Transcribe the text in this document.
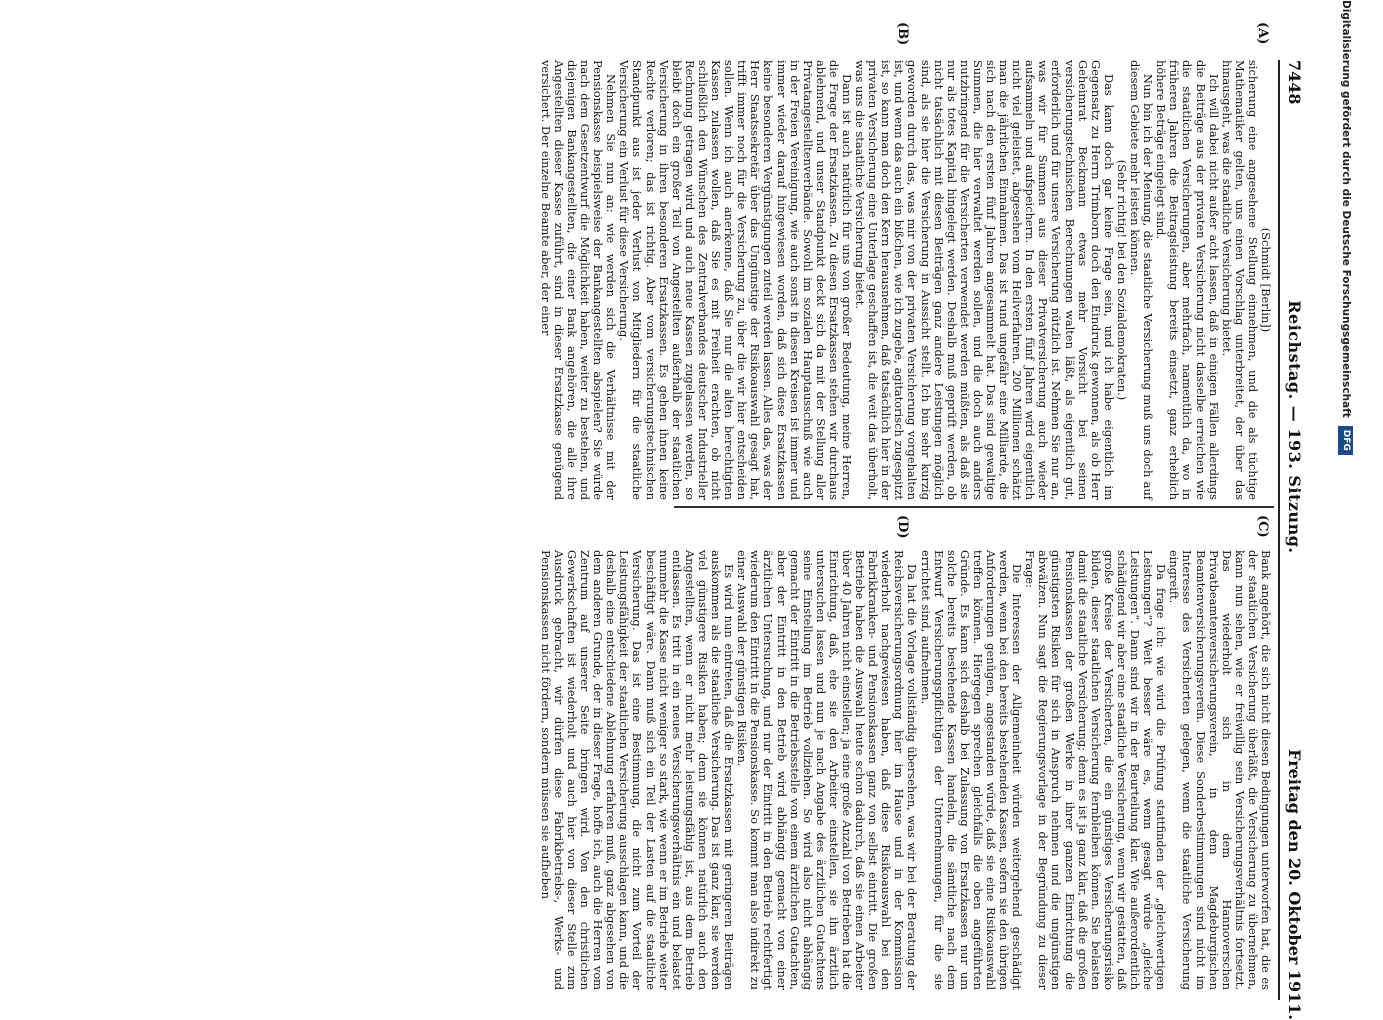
7448
Reichstag. — 193. Sitzung.
Freitag den 20. Oktober 1911.
(A)
(B)

(Schmidt [Berlin])

sicherung eine angesehene Stellung einnehmen, und die als tüchtige Mathematiker gelten, uns einen Vorschlag unterbreitet, der über das hinausgeht, was die staatliche Versicherung bietet.

Ich will dabei nicht außer acht lassen, daß in einigen Fällen allerdings die Beiträge aus der privaten Versicherung nicht dasselbe erreichen wie die staatlichen Versicherungen, aber mehrfach, namentlich da, wo in früheren Jahren die Beitragsleistung bereits einsetzt, ganz erheblich höhere Beträge eingelegt sind.

Nun bin ich der Meinung, die staatliche Versicherung muß uns doch auf diesem Gebiete mehr leisten können.

(Sehr richtig! bei den Sozialdemokraten.)

Das kann doch gar keine Frage sein, und ich habe eigentlich im Gegensatz zu Herrn Trimborn doch den Eindruck gewonnen, als ob Herr Geheimrat Beckmann etwas mehr Vorsicht bei seinen versicherungstechnischen Berechnungen walten läßt, als eigentlich gut, erforderlich und für unsere Versicherung nützlich ist. Nehmen Sie nur an, was wir für Summen aus dieser Privatversicherung auch wieder aufsammeln und aufspeichern. In den ersten fünf Jahren wird eigentlich nicht viel geleistet, abgesehen vom Heilverfahren. 200 Millionen schätzt man die jährlichen Einnahmen. Das ist rund ungefähr eine Milliarde, die sich nach den ersten fünf Jahren angesammelt hat. Das sind gewaltige Summen, die hier verwaltet werden sollen, und die doch auch anders nutzbringend für die Versicherten verwendet werden müßten, als daß sie nur als totes Kapital hingelegt werden. Deshalb muß geprüft werden, ob nicht tatsächlich mit diesen Beiträgen ganz andere Leistungen möglich sind, als sie hier die Versicherung in Aussicht stellt. Ich bin sehr kurzig geworden durch das, was mir von der privaten Versicherung vorgehalten ist, und wenn das auch ein bißchen, wie ich zugebe, agitatorisch zugespitzt ist, so kann man doch den Kern herausnehmen, daß tatsächlich hier in der privaten Versicherung eine Unterlage geschaffen ist, die weit das überholt, was uns die staatliche Versicherung bietet.

Dann ist auch natürlich für uns von großer Bedeutung, meine Herren, die Frage der Ersatzkassen. Zu diesen Ersatzkassen stehen wir durchaus ablehnend, und unser Standpunkt deckt sich da mit der Stellung aller Privatangestelltenverbände. Sowohl im sozialen Hauptausschuß wie auch in der Freien Vereinigung, wie auch sonst in diesen Kreisen ist immer und immer wieder darauf hingewiesen worden, daß sich diese Ersatzkassen keine besonderen Vergünstigungen zuteil werden lassen. Alles das, was der Herr Staatssekretär über das Ungünstige der Risikoauswahl gesagt hat, trifft immer noch für die Versicherung zu, über die wir hier entscheiden sollen. Wenn ich auch anerkenne, daß Sie nur die alten berechtigten Kassen zulassen wollen, daß Sie es mit Freiheit erachten, ob nicht schließlich den Wünschen des Zentralverbandes deutscher Industrieller Rechnung getragen wird und auch neue Kassen zugelassen werden, so bleibt doch ein großer Teil von Angestellten außerhalb der staatlichen Versicherung in ihren besonderen Ersatzkassen. Es gehen ihnen keine Rechte verloren; das ist richtig. Aber vom versicherungstechnischen Standpunkt aus ist jeder Verlust von Mitgliedern für die staatliche Versicherung ein Verlust für diese Versicherung.

Nehmen Sie nun an: wie werden sich die Verhältnisse mit der Pensionskasse beispielsweise der Bankangestellten abspielen? Sie würde nach dem Gesetzentwurf die Möglichkeit haben, weiter zu bestehen, und diejenigen Bankangestellten, die einer Bank angehören, die alle ihre Angestellten dieser Kasse zuführt, sind in dieser Ersatzkasse genügend versichert. Der einzelne Beamte aber, der einer

Bank angehört, die sich nicht diesen Bedingungen unterworfen hat, die es der staatlichen Versicherung überläßt, die Versicherung zu übernehmen, kann nun sehen, wie er freiwillig sein Versicherungsverhältnis fortsetzt. Das wiederholt sich in dem Hannoverschen Privatbeamtenversicherungsverein, in dem Magdeburgischen Beamtenversicherungsverein. Diese Sonderbestimmungen sind nicht im Interesse des Versicherten gelegen, wenn die staatliche Versicherung eingreift.

Da frage ich: wie wird die Prüfung stattfinden der „gleichwertigen Leistungen“? Weit besser wäre es, wenn gesagt würde „gleiche Leistungen“. Dann sind wir in der Beurteilung klar. Wie außerordentlich schädigend wir aber eine staatliche Versicherung, wenn wir gestatten, daß große Kreise der Versicherten, die ein günstiges Versicherungsrisiko bilden, dieser staatlichen Versicherung fernbleiben können. Sie belasten damit die staatliche Versicherung; denn es ist ja ganz klar, daß die großen Pensionskassen der großen Werke in ihrer ganzen Einrichtung die günstigsten Risiken für sich in Anspruch nehmen und die ungünstigen abwälzen. Nun sagt die Regierungsvorlage in der Begründung zu dieser Frage:

Die Interessen der Allgemeinheit würden weitergehend geschädigt werden, wenn bei den bereits bestehenden Kassen, sofern sie den übrigen Anforderungen genügen, angestanden würde, daß sie eine Risikoauswahl treffen können. Hiergegen sprechen gleichfalls die oben angeführten Gründe. Es kann sich deshalb bei Zulassung von Ersatzkassen nur um solche bereits bestehende Kassen handeln, die sämtliche nach dem Entwurf Versicherungspflichtigen der Unternehmungen, für die sie errichtet sind, aufnehmen.

Da hat die Vorlage vollständig übersehen, was wir bei der Beratung der Reichsversicherungsordnung hier im Hause und in der Kommission wiederholt nachgewiesen haben, daß diese Risikoauswahl bei den Fabrikkranken- und Pensionskassen ganz von selbst eintritt. Die großen Betriebe haben die Auswahl heute schon dadurch, daß sie einen Arbeiter über 40 Jahren nicht einstellen; ja eine große Anzahl von Betrieben hat die Einrichtung, daß, ehe sie den Arbeiter einstellen, sie ihn ärztlich untersuchen lassen und nun je nach Angabe des ärztlichen Gutachtens seine Einstellung im Betrieb vollziehen. So wird also nicht abhängig gemacht der Eintritt in die Betriebsstelle von einem ärztlichen Gutachten, aber der Eintritt in den Betrieb wird abhängig gemacht von einer ärztlichen Untersuchung, und nur der Eintritt in den Betrieb rechtfertigt wiederum den Eintritt in die Pensionskasse. So kommt man also indirekt zu einer Auswahl der günstigen Risiken.

Es wird nun eintreten, daß die Ersatzkassen mit geringeren Beiträgen auskommen als die staatliche Versicherung. Das ist ganz klar, sie werden viel günstigere Risiken haben; denn sie können natürlich auch den Angestellten, wenn er nicht mehr leistungsfähig ist, aus dem Betrieb entlassen. Es tritt in ein neues Versicherungsverhältnis ein und belastet nunmehr die Kasse nicht weniger so stark, wie wenn er im Betrieb weiter beschäftigt wäre. Dann muß sich ein Teil der Lasten auf die staatliche Versicherung. Das ist eine Bestimmung, die nicht zum Vorteil der Leistungsfähigkeit der staatlichen Versicherung ausschlagen kann, und die deshalb eine entschiedene Ablehnung erfahren muß, ganz abgesehen von dem anderen Grunde, der in dieser Frage, hoffe ich, auch die Herren vom Zentrum auf unserer Seite bringen wird. Von den christlichen Gewerkschaften ist wiederholt und auch hier von dieser Stelle zum Ausdruck gebracht, wir dürfen diese Fabrikbetriebs-, Werks- und Pensionskassen nicht fördern, sondern müssen sie aufheben

(C)
(D)
Digitalisierung gefördert durch die Deutsche Forschungsgemeinschaft
DFG
